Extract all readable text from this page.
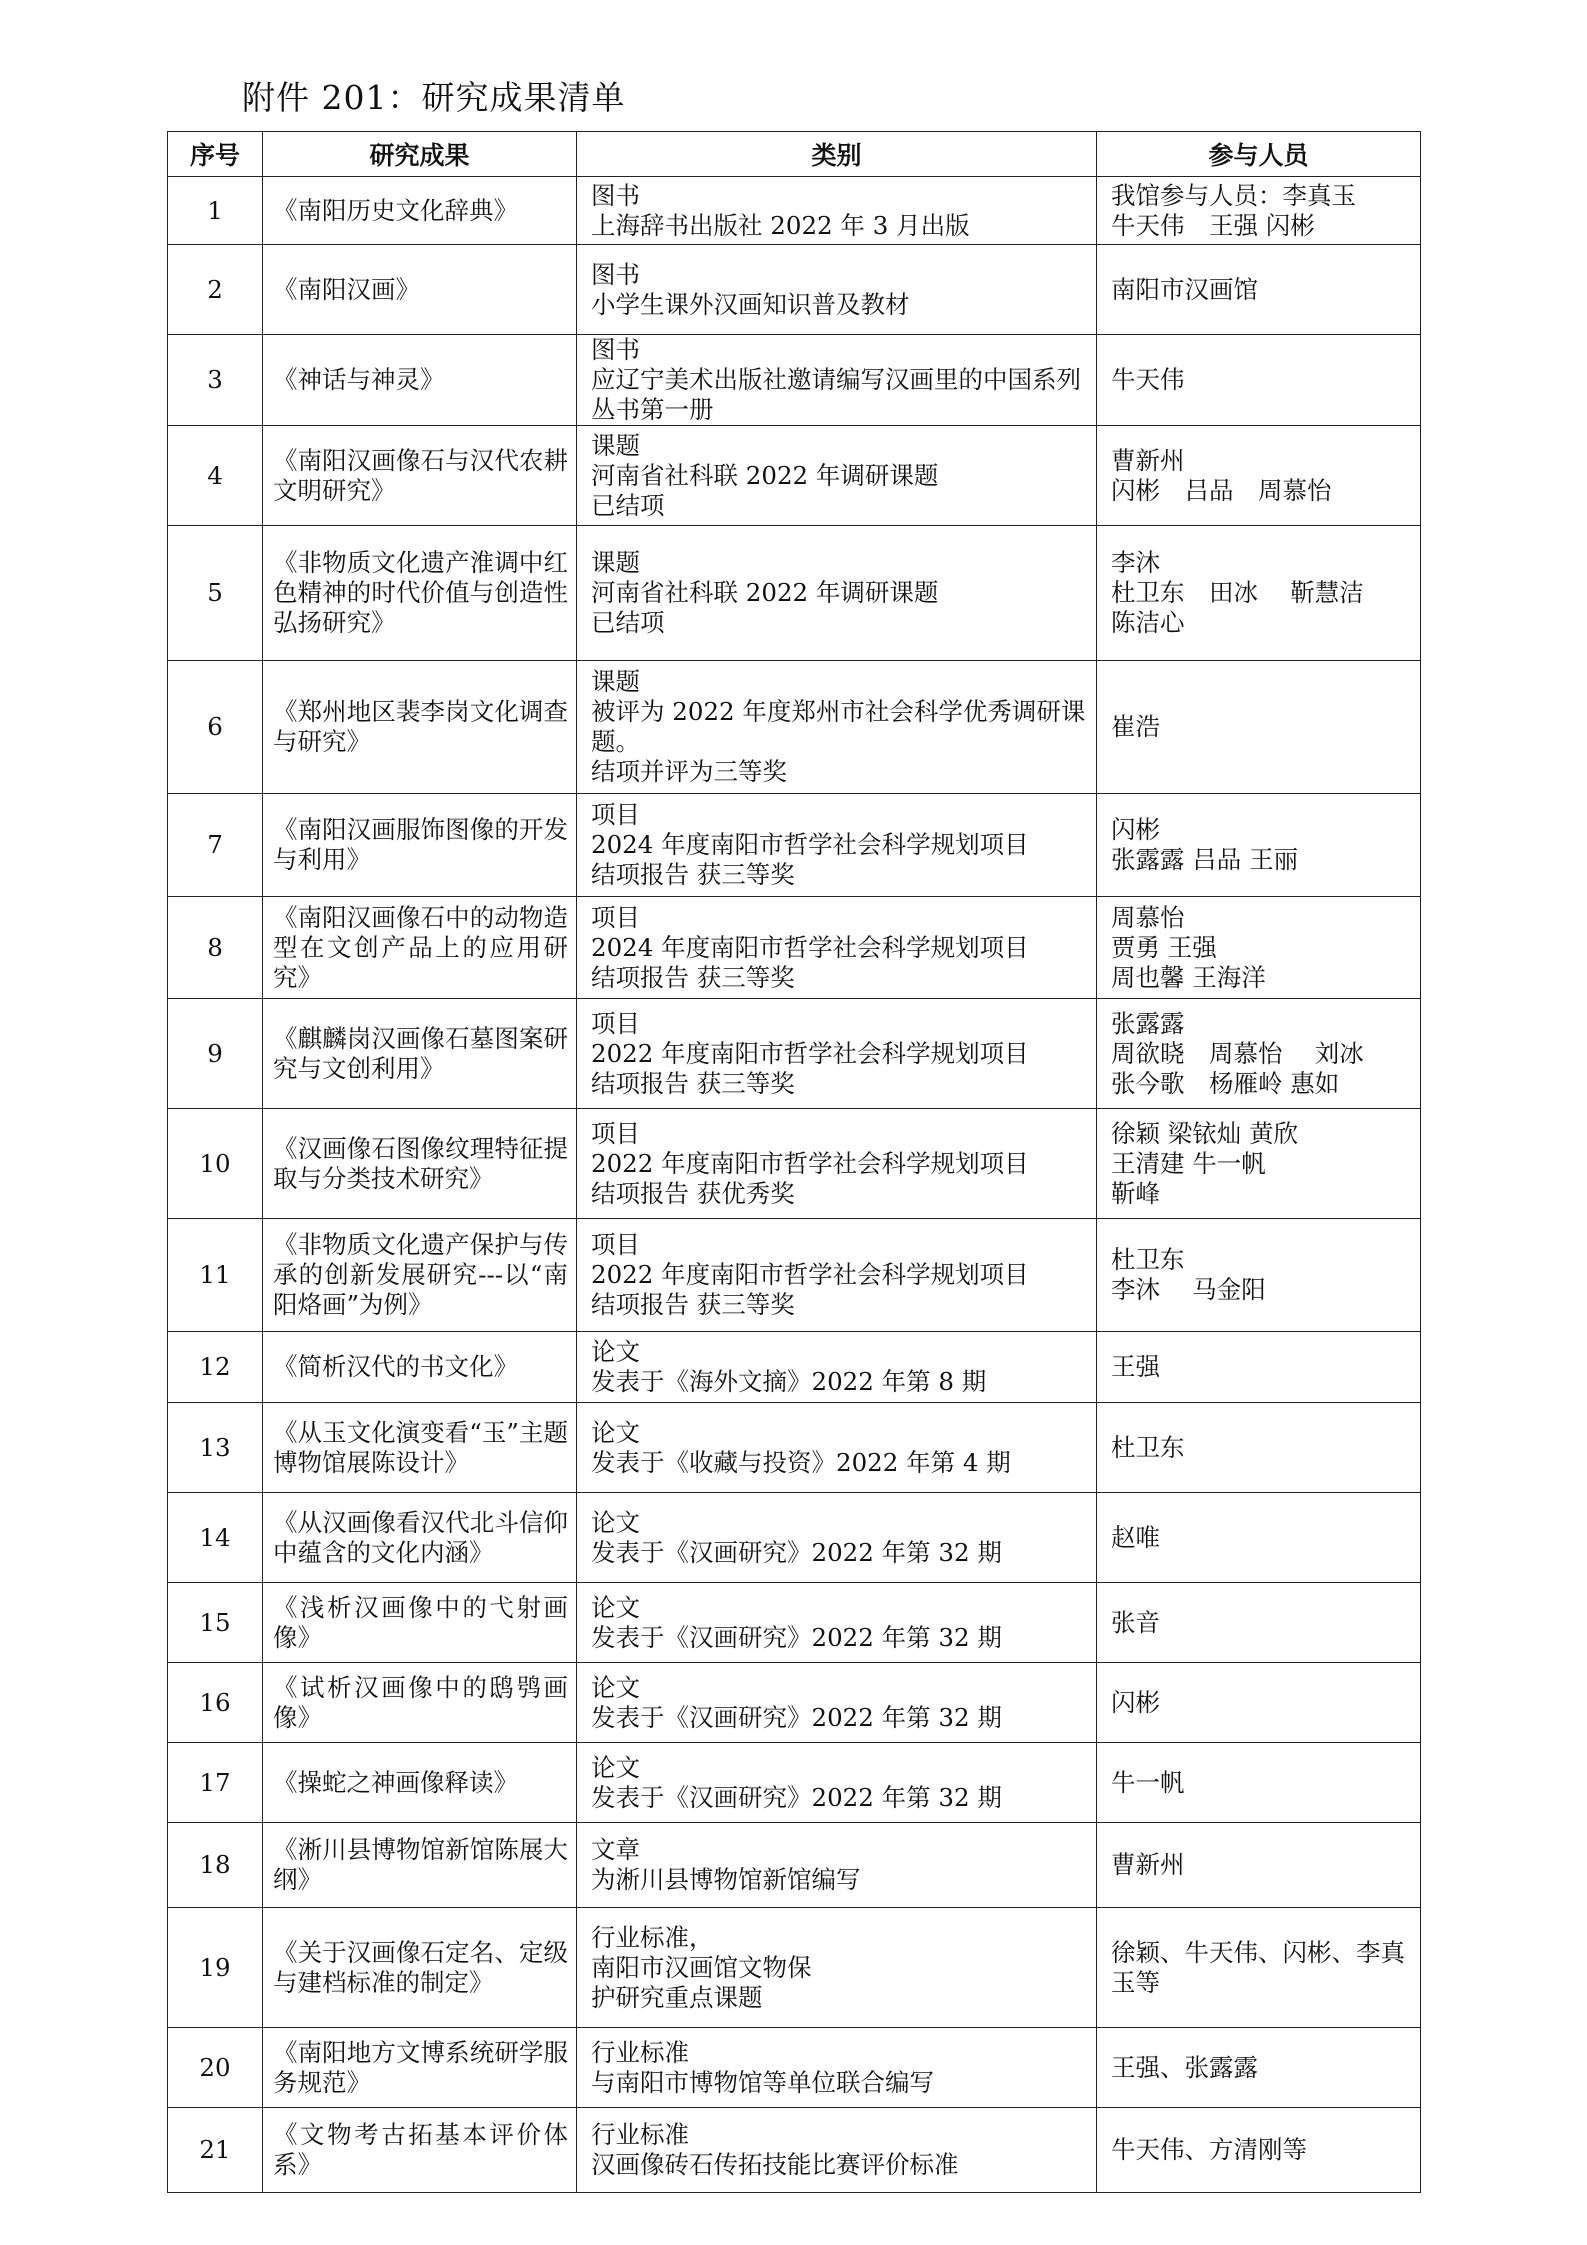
附件 201：研究成果清单
序号	研究成果	类别	参与人员
1	《南阳历史文化辞典》	图书
上海辞书出版社 2022 年 3 月出版	我馆参与人员：李真玉
牛天伟　王强 闪彬

2	《南阳汉画》	图书
小学生课外汉画知识普及教材	南阳市汉画馆

3	《神话与神灵》	图书
应辽宁美术出版社邀请编写汉画里的中国系列丛书第一册	牛天伟

4	《南阳汉画像石与汉代农耕文明研究》	课题
河南省社科联 2022 年调研课题
已结项	曹新州
闪彬　吕品　周慕怡

5	《非物质文化遗产淮调中红色精神的时代价值与创造性弘扬研究》	课题
河南省社科联 2022 年调研课题
已结项	李沐
杜卫东　田冰　 靳慧洁
陈洁心

6	《郑州地区裴李岗文化调查与研究》	课题
被评为 2022 年度郑州市社会科学优秀调研课题。
结项并评为三等奖	崔浩

7	《南阳汉画服饰图像的开发与利用》	项目
2024 年度南阳市哲学社会科学规划项目
结项报告 获三等奖	闪彬
张露露 吕品 王丽

8	《南阳汉画像石中的动物造型在文创产品上的应用研究》	项目
2024 年度南阳市哲学社会科学规划项目
结项报告 获三等奖	周慕怡
贾勇 王强
周也馨 王海洋

9	《麒麟岗汉画像石墓图案研究与文创利用》	项目
2022 年度南阳市哲学社会科学规划项目
结项报告 获三等奖	张露露
周欲晓　周慕怡　 刘冰
张今歌　杨雁岭 惠如

10	《汉画像石图像纹理特征提取与分类技术研究》	项目
2022 年度南阳市哲学社会科学规划项目
结项报告 获优秀奖	徐颖 梁铱灿 黄欣
王清建 牛一帆
靳峰

11	《非物质文化遗产保护与传承的创新发展研究---以“南阳烙画”为例》	项目
2022 年度南阳市哲学社会科学规划项目
结项报告 获三等奖	杜卫东
李沐　 马金阳

12	《简析汉代的书文化》	论文
发表于《海外文摘》2022 年第 8 期	王强

13	《从玉文化演变看“玉”主题博物馆展陈设计》	论文
发表于《收藏与投资》2022 年第 4 期	杜卫东

14	《从汉画像看汉代北斗信仰中蕴含的文化内涵》	论文
发表于《汉画研究》2022 年第 32 期	赵唯

15	《浅析汉画像中的弋射画像》	论文
发表于《汉画研究》2022 年第 32 期	张音

16	《试析汉画像中的鸱鸮画像》	论文
发表于《汉画研究》2022 年第 32 期	闪彬

17	《操蛇之神画像释读》	论文
发表于《汉画研究》2022 年第 32 期	牛一帆

18	《淅川县博物馆新馆陈展大纲》	文章
为淅川县博物馆新馆编写	曹新州

19	《关于汉画像石定名、定级与建档标准的制定》	行业标准，
南阳市汉画馆文物保
护研究重点课题	徐颖、牛天伟、闪彬、李真玉等

20	《南阳地方文博系统研学服务规范》	行业标准
与南阳市博物馆等单位联合编写	王强、张露露

21	《文物考古拓基本评价体系》	行业标准
汉画像砖石传拓技能比赛评价标准	牛天伟、方清刚等
